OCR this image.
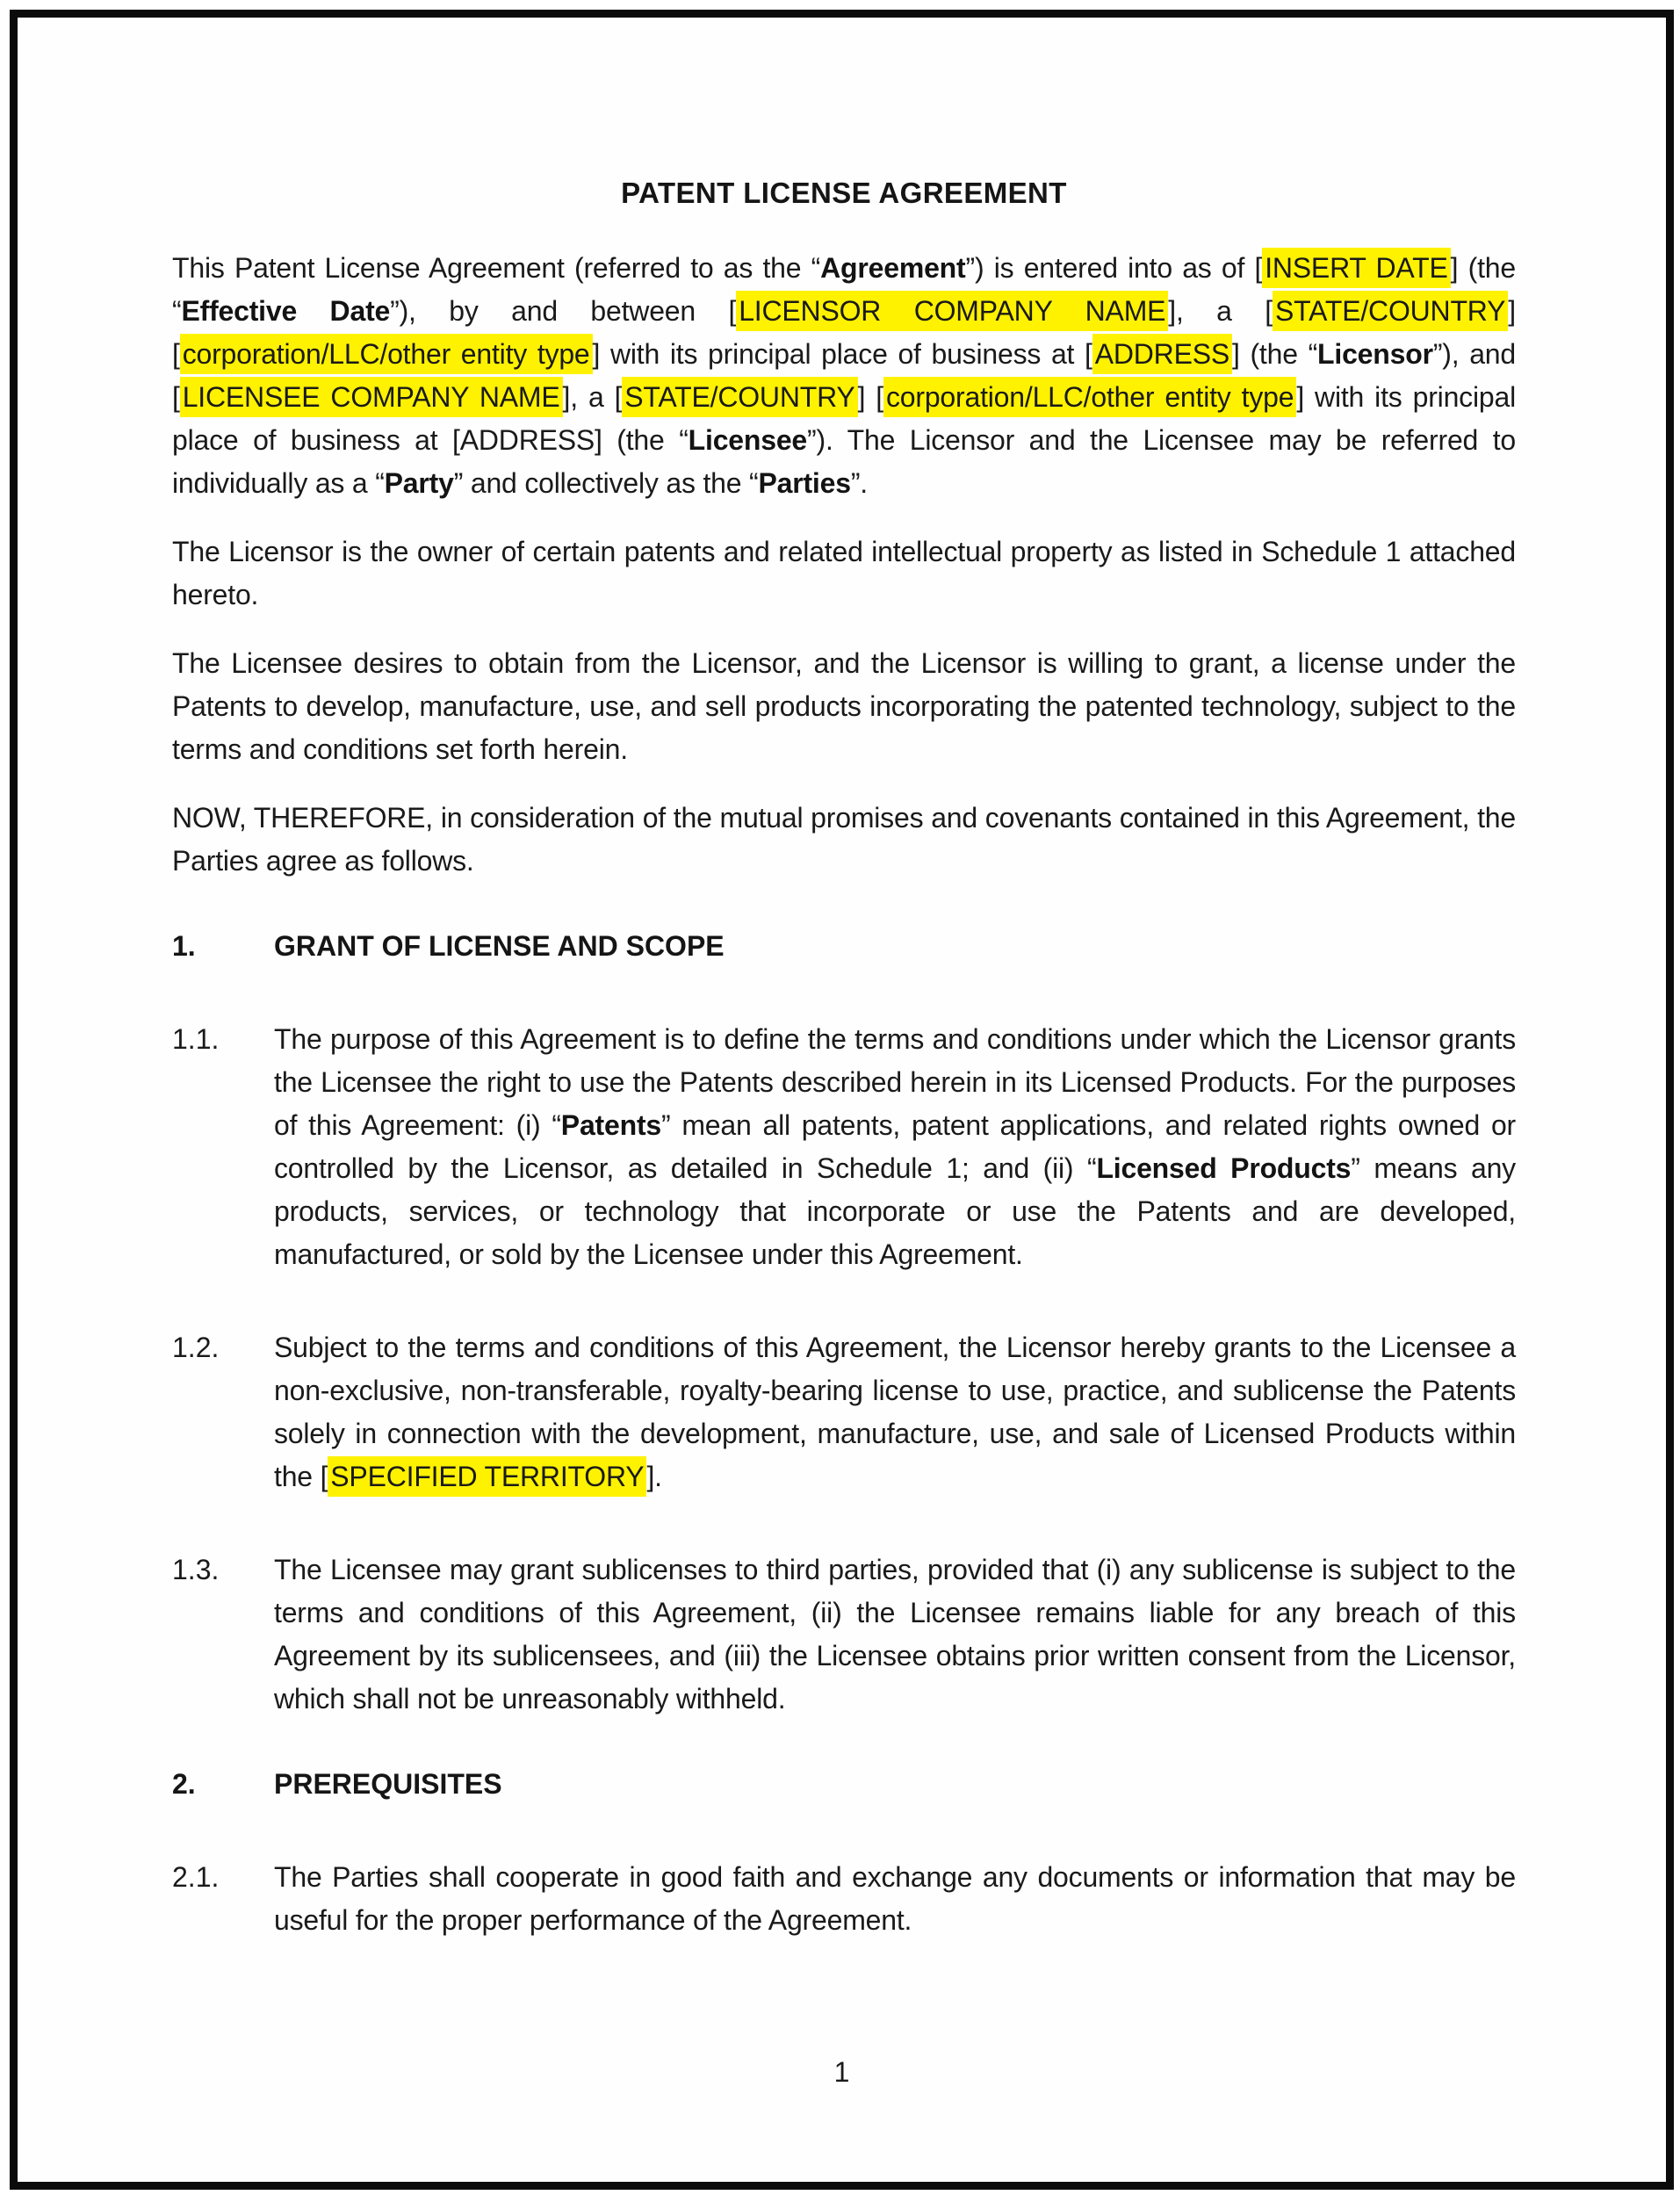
PATENT LICENSE AGREEMENT

This Patent License Agreement (referred to as the “Agreement”) is entered into as of [INSERT DATE] (the “Effective Date”), by and between [LICENSOR COMPANY NAME], a [STATE/COUNTRY] [corporation/LLC/other entity type] with its principal place of business at [ADDRESS] (the “Licensor”), and [LICENSEE COMPANY NAME], a [STATE/COUNTRY] [corporation/LLC/other entity type] with its principal place of business at [ADDRESS] (the “Licensee”). The Licensor and the Licensee may be referred to individually as a “Party” and collectively as the “Parties”.

The Licensor is the owner of certain patents and related intellectual property as listed in Schedule 1 attached hereto.

The Licensee desires to obtain from the Licensor, and the Licensor is willing to grant, a license under the Patents to develop, manufacture, use, and sell products incorporating the patented technology, subject to the terms and conditions set forth herein.

NOW, THEREFORE, in consideration of the mutual promises and covenants contained in this Agreement, the Parties agree as follows.

1.	GRANT OF LICENSE AND SCOPE
1.1.	The purpose of this Agreement is to define the terms and conditions under which the Licensor grants the Licensee the right to use the Patents described herein in its Licensed Products. For the purposes of this Agreement: (i) “Patents” mean all patents, patent applications, and related rights owned or controlled by the Licensor, as detailed in Schedule 1; and (ii) “Licensed Products” means any products, services, or technology that incorporate or use the Patents and are developed, manufactured, or sold by the Licensee under this Agreement.
1.2.	Subject to the terms and conditions of this Agreement, the Licensor hereby grants to the Licensee a non-exclusive, non-transferable, royalty-bearing license to use, practice, and sublicense the Patents solely in connection with the development, manufacture, use, and sale of Licensed Products within the [SPECIFIED TERRITORY].
1.3.	The Licensee may grant sublicenses to third parties, provided that (i) any sublicense is subject to the terms and conditions of this Agreement, (ii) the Licensee remains liable for any breach of this Agreement by its sublicensees, and (iii) the Licensee obtains prior written consent from the Licensor, which shall not be unreasonably withheld.
2.	PREREQUISITES
2.1.	The Parties shall cooperate in good faith and exchange any documents or information that may be useful for the proper performance of the Agreement.
1
